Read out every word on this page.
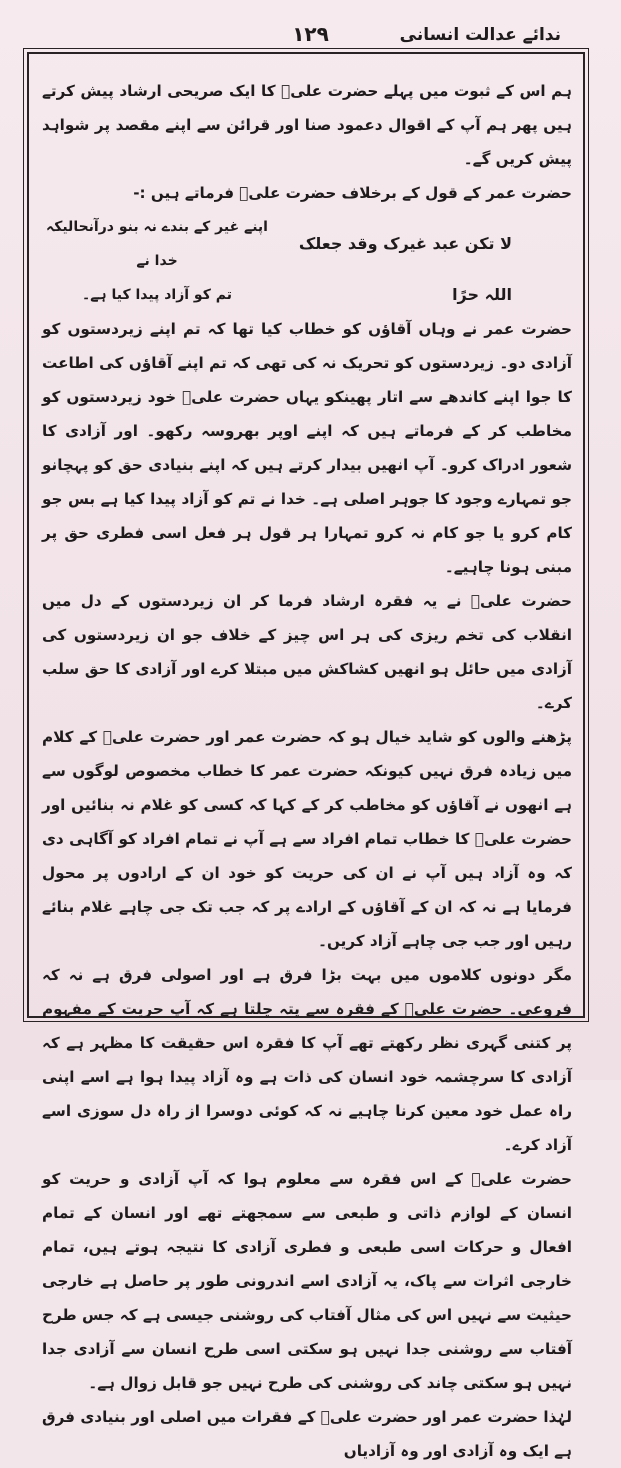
ندائے عدالت انسانی
۱۲۹

ہم اس کے ثبوت میں پہلے حضرت علیؑ کا ایک صریحی ارشاد پیش کرتے ہیں پھر ہم آپ کے اقوال دعمود صنا اور قرائن سے اپنے مقصد پر شواہد پیش کریں گے۔

حضرت عمر کے قول کے برخلاف حضرت علیؑ فرماتے ہیں :-

لا تکن عبد غیرک وقد جعلک
اپنے غیر کے بندے نہ بنو درآنحالیکہ خدا نے
اللہ حرًا
تم کو آزاد پیدا کیا ہے۔

حضرت عمر نے وہاں آقاؤں کو خطاب کیا تھا کہ تم اپنے زیردستوں کو آزادی دو۔ زیردستوں کو تحریک نہ کی تھی کہ تم اپنے آقاؤں کی اطاعت کا جوا اپنے کاندھے سے اتار پھینکو یہاں حضرت علیؑ خود زیردستوں کو مخاطب کر کے فرماتے ہیں کہ اپنے اوپر بھروسہ رکھو۔ اور آزادی کا شعور ادراک کرو۔ آپ انھیں بیدار کرتے ہیں کہ اپنے بنیادی حق کو پہچانو جو تمہارے وجود کا جوہر اصلی ہے۔ خدا نے تم کو آزاد پیدا کیا ہے بس جو کام کرو یا جو کام نہ کرو تمہارا ہر قول ہر فعل اسی فطری حق پر مبنی ہونا چاہیے۔

حضرت علیؑ نے یہ فقرہ ارشاد فرما کر ان زیردستوں کے دل میں انقلاب کی تخم ریزی کی ہر اس چیز کے خلاف جو ان زیردستوں کی آزادی میں حائل ہو انھیں کشاکش میں مبتلا کرے اور آزادی کا حق سلب کرے۔

پڑھنے والوں کو شاید خیال ہو کہ حضرت عمر اور حضرت علیؑ کے کلام میں زیادہ فرق نہیں کیونکہ حضرت عمر کا خطاب مخصوص لوگوں سے ہے انھوں نے آقاؤں کو مخاطب کر کے کہا کہ کسی کو غلام نہ بنائیں اور حضرت علیؑ کا خطاب تمام افراد سے ہے آپ نے تمام افراد کو آگاہی دی کہ وہ آزاد ہیں آپ نے ان کی حریت کو خود ان کے ارادوں پر محول فرمایا ہے نہ کہ ان کے آقاؤں کے ارادے پر کہ جب تک جی چاہے غلام بنائے رہیں اور جب جی چاہے آزاد کریں۔

مگر دونوں کلاموں میں بہت بڑا فرق ہے اور اصولی فرق ہے نہ کہ فروعی۔ حضرت علیؑ کے فقرہ سے پتہ چلتا ہے کہ آپ حریت کے مفہوم پر کتنی گہری نظر رکھتے تھے آپ کا فقرہ اس حقیقت کا مظہر ہے کہ آزادی کا سرچشمہ خود انسان کی ذات ہے وہ آزاد پیدا ہوا ہے اسے اپنی راہ عمل خود معین کرنا چاہیے نہ کہ کوئی دوسرا از راہ دل سوزی اسے آزاد کرے۔

حضرت علیؑ کے اس فقرہ سے معلوم ہوا کہ آپ آزادی و حریت کو انسان کے لوازم ذاتی و طبعی سے سمجھتے تھے اور انسان کے تمام افعال و حرکات اسی طبعی و فطری آزادی کا نتیجہ ہوتے ہیں، تمام خارجی اثرات سے پاک، یہ آزادی اسے اندرونی طور پر حاصل ہے خارجی حیثیت سے نہیں اس کی مثال آفتاب کی روشنی جیسی ہے کہ جس طرح آفتاب سے روشنی جدا نہیں ہو سکتی اسی طرح انسان سے آزادی جدا نہیں ہو سکتی چاند کی روشنی کی طرح نہیں جو قابل زوال ہے۔

لہٰذا حضرت عمر اور حضرت علیؑ کے فقرات میں اصلی اور بنیادی فرق ہے ایک وہ آزادی اور وہ آزادیاں
